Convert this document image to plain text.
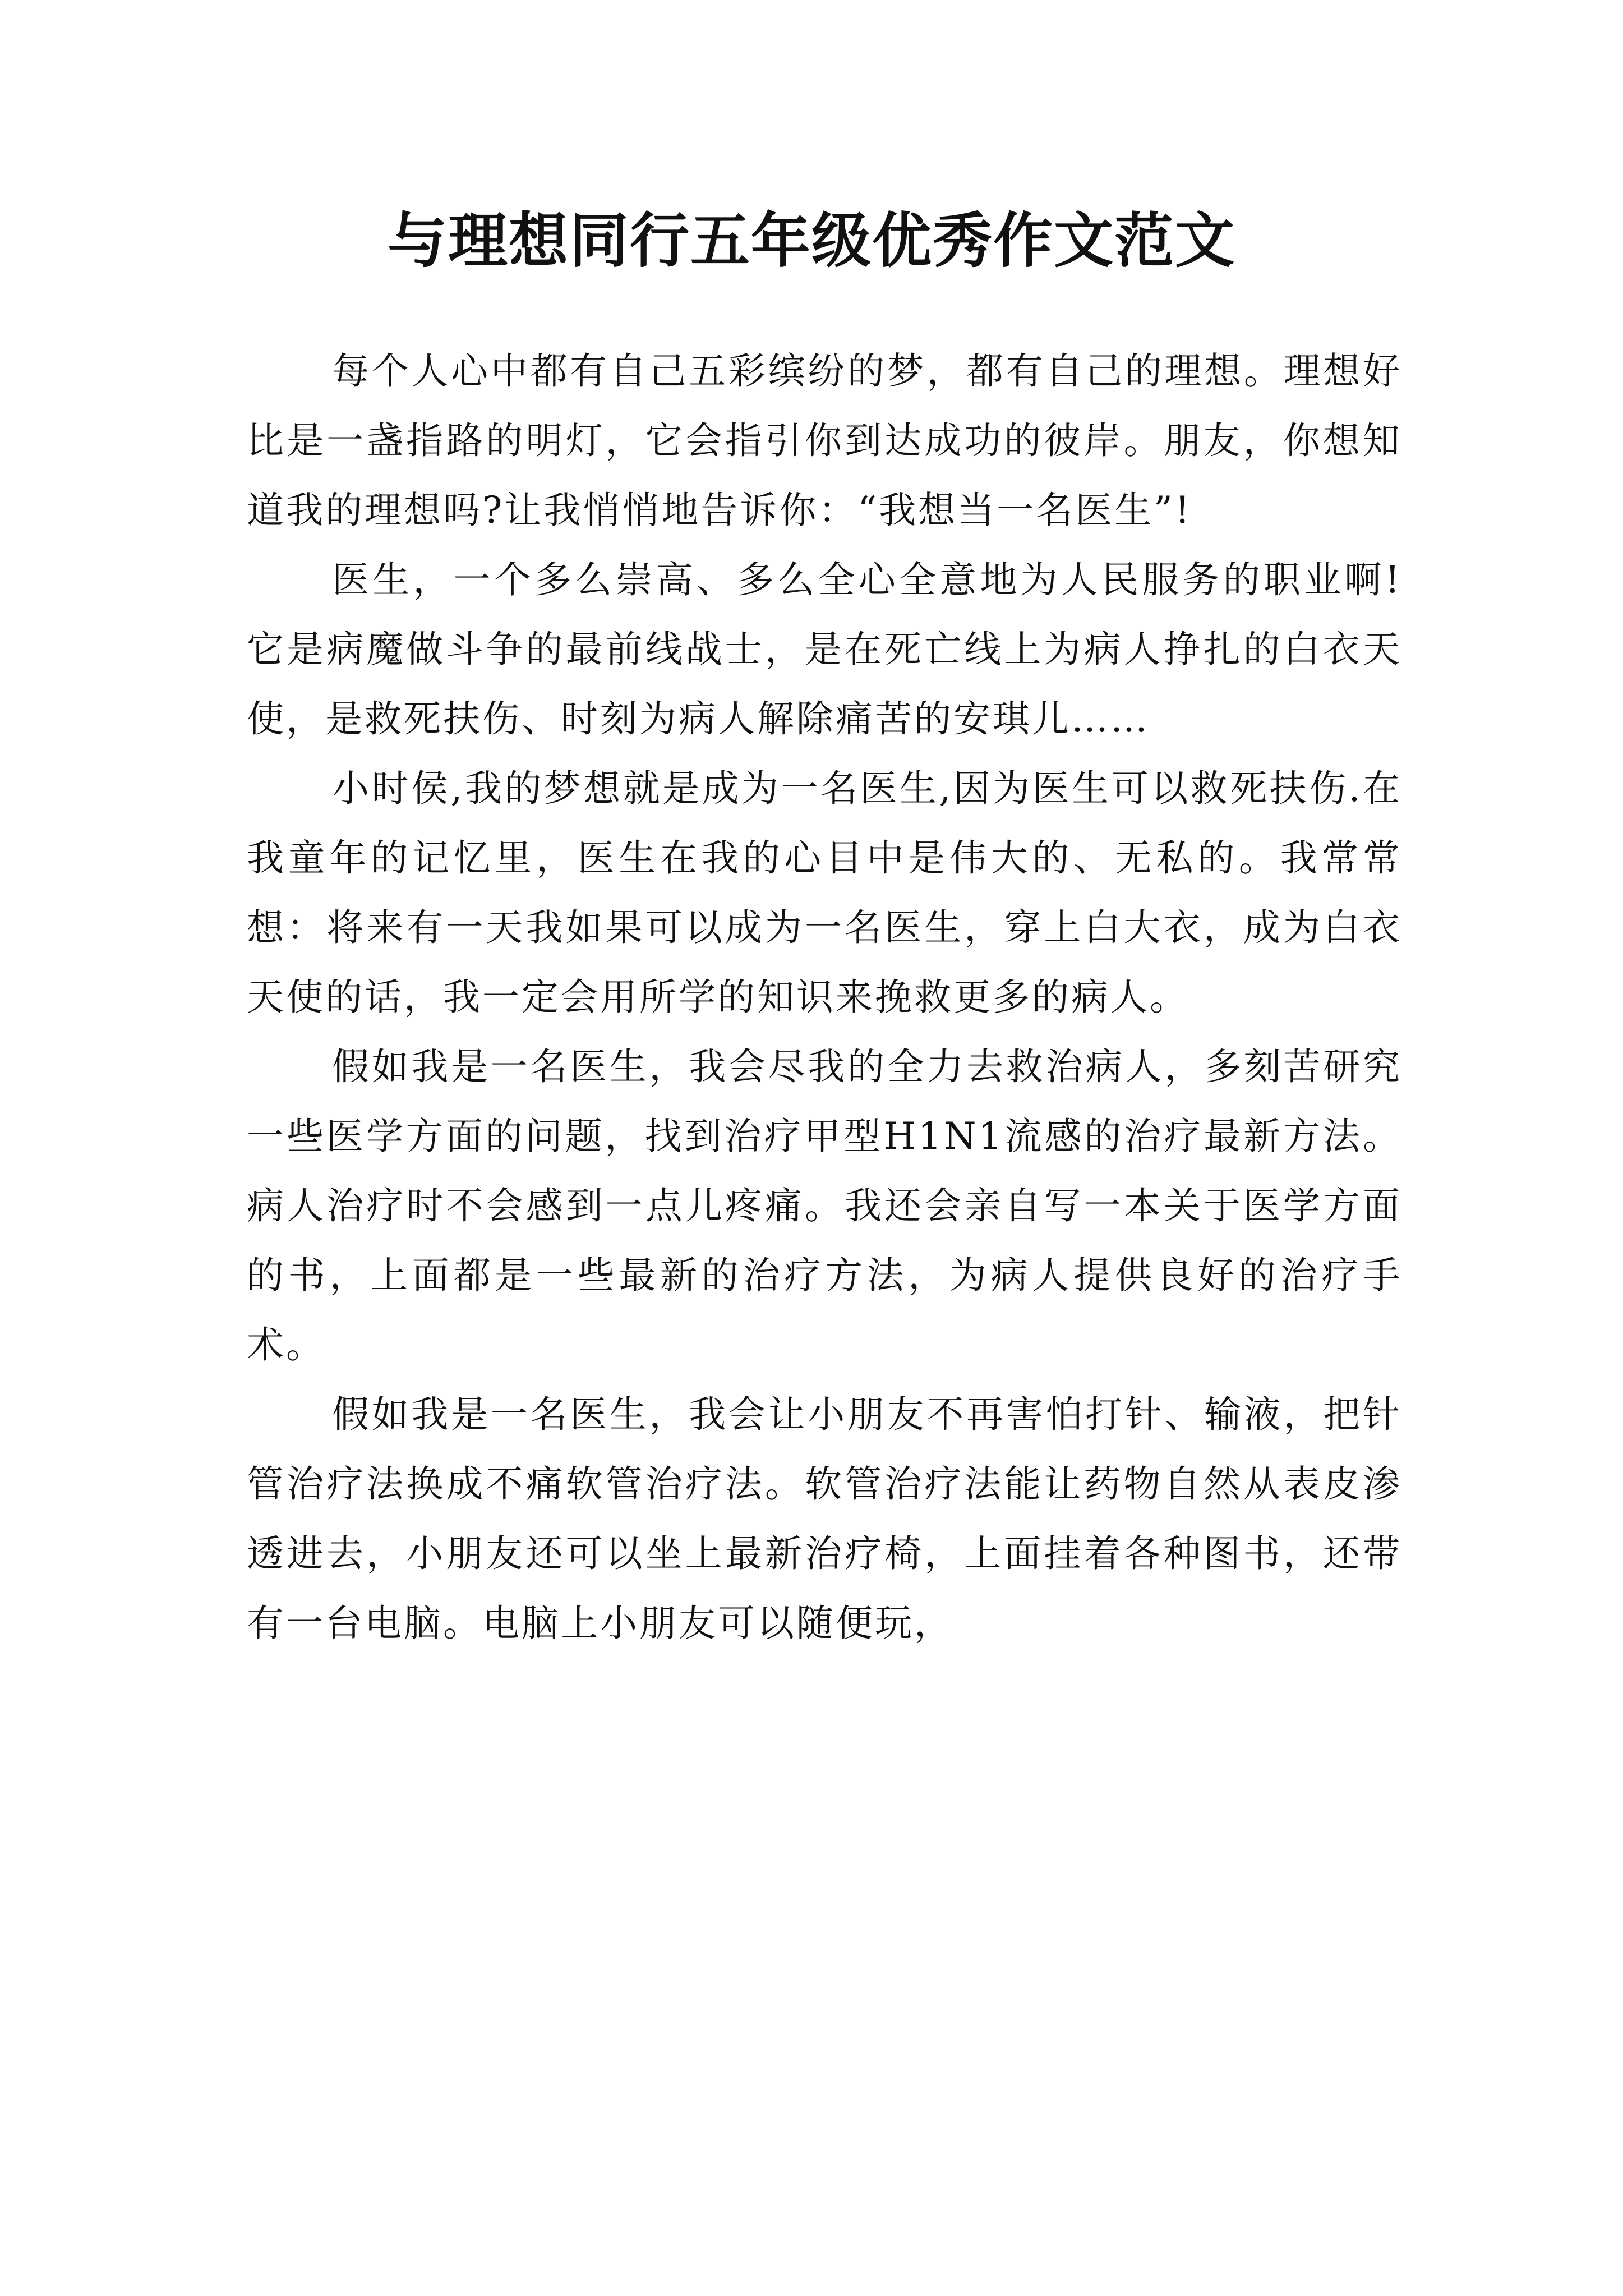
与理想同行五年级优秀作文范文

每个人心中都有自己五彩缤纷的梦，都有自己的理想。理想好比是一盏指路的明灯，它会指引你到达成功的彼岸。朋友，你想知道我的理想吗?让我悄悄地告诉你：“我想当一名医生”!

医生，一个多么崇高、多么全心全意地为人民服务的职业啊!它是病魔做斗争的最前线战士，是在死亡线上为病人挣扎的白衣天使，是救死扶伤、时刻为病人解除痛苦的安琪儿……

小时侯,我的梦想就是成为一名医生,因为医生可以救死扶伤.在我童年的记忆里，医生在我的心目中是伟大的、无私的。我常常想：将来有一天我如果可以成为一名医生，穿上白大衣，成为白衣天使的话，我一定会用所学的知识来挽救更多的病人。

假如我是一名医生，我会尽我的全力去救治病人，多刻苦研究一些医学方面的问题，找到治疗甲型H1N1流感的治疗最新方法。病人治疗时不会感到一点儿疼痛。我还会亲自写一本关于医学方面的书，上面都是一些最新的治疗方法，为病人提供良好的治疗手术。

假如我是一名医生，我会让小朋友不再害怕打针、输液，把针管治疗法换成不痛软管治疗法。软管治疗法能让药物自然从表皮渗透进去，小朋友还可以坐上最新治疗椅，上面挂着各种图书，还带有一台电脑。电脑上小朋友可以随便玩，
